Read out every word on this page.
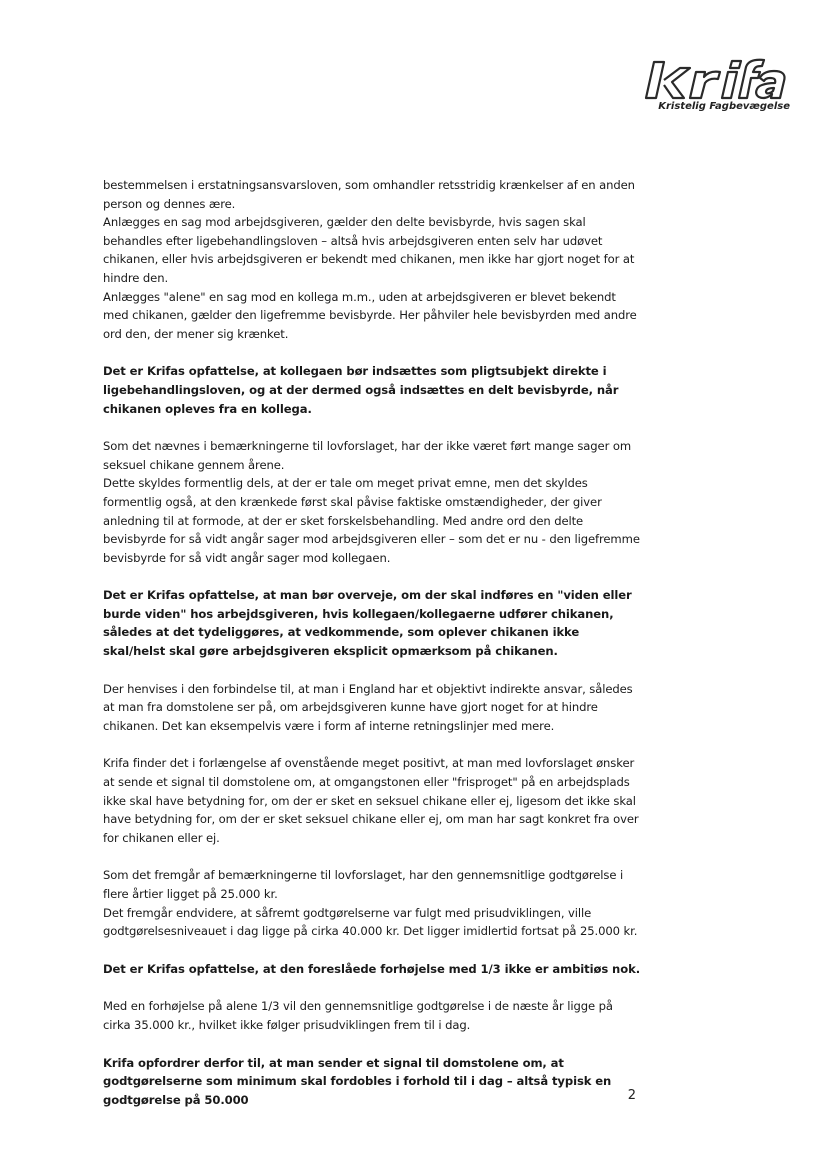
Kristelig Fagbevægelse

bestemmelsen i erstatningsansvarsloven, som omhandler retsstridig krænkelser af en anden person og dennes ære.

Anlægges en sag mod arbejdsgiveren, gælder den delte bevisbyrde, hvis sagen skal behandles efter ligebehandlingsloven – altså hvis arbejdsgiveren enten selv har udøvet chikanen, eller hvis arbejdsgiveren er bekendt med chikanen, men ikke har gjort noget for at hindre den.

Anlægges "alene" en sag mod en kollega m.m., uden at arbejdsgiveren er blevet bekendt med chikanen, gælder den ligefremme bevisbyrde. Her påhviler hele bevisbyrden med andre ord den, der mener sig krænket.

Det er Krifas opfattelse, at kollegaen bør indsættes som pligtsubjekt direkte i ligebehandlingsloven, og at der dermed også indsættes en delt bevisbyrde, når chikanen opleves fra en kollega.

Som det nævnes i bemærkningerne til lovforslaget, har der ikke været ført mange sager om seksuel chikane gennem årene.

Dette skyldes formentlig dels, at der er tale om meget privat emne, men det skyldes formentlig også, at den krænkede først skal påvise faktiske omstændigheder, der giver anledning til at formode, at der er sket forskelsbehandling. Med andre ord den delte bevisbyrde for så vidt angår sager mod arbejdsgiveren eller – som det er nu - den ligefremme bevisbyrde for så vidt angår sager mod kollegaen.

Det er Krifas opfattelse, at man bør overveje, om der skal indføres en "viden eller burde viden" hos arbejdsgiveren, hvis kollegaen/kollegaerne udfører chikanen, således at det tydeliggøres, at vedkommende, som oplever chikanen ikke skal/helst skal gøre arbejdsgiveren eksplicit opmærksom på chikanen.

Der henvises i den forbindelse til, at man i England har et objektivt indirekte ansvar, således at man fra domstolene ser på, om arbejdsgiveren kunne have gjort noget for at hindre chikanen. Det kan eksempelvis være i form af interne retningslinjer med mere.

Krifa finder det i forlængelse af ovenstående meget positivt, at man med lovforslaget ønsker at sende et signal til domstolene om, at omgangstonen eller "frisproget" på en arbejdsplads ikke skal have betydning for, om der er sket en seksuel chikane eller ej, ligesom det ikke skal have betydning for, om der er sket seksuel chikane eller ej, om man har sagt konkret fra over for chikanen eller ej.

Som det fremgår af bemærkningerne til lovforslaget, har den gennemsnitlige godtgørelse i flere årtier ligget på 25.000 kr.

Det fremgår endvidere, at såfremt godtgørelserne var fulgt med prisudviklingen, ville godtgørelsesniveauet i dag ligge på cirka 40.000 kr. Det ligger imidlertid fortsat på 25.000 kr.

Det er Krifas opfattelse, at den foreslåede forhøjelse med 1/3 ikke er ambitiøs nok.

Med en forhøjelse på alene 1/3 vil den gennemsnitlige godtgørelse i de næste år ligge på cirka 35.000 kr., hvilket ikke følger prisudviklingen frem til i dag.

Krifa opfordrer derfor til, at man sender et signal til domstolene om, at godtgørelserne som minimum skal fordobles i forhold til i dag – altså typisk en godtgørelse på 50.000	2
